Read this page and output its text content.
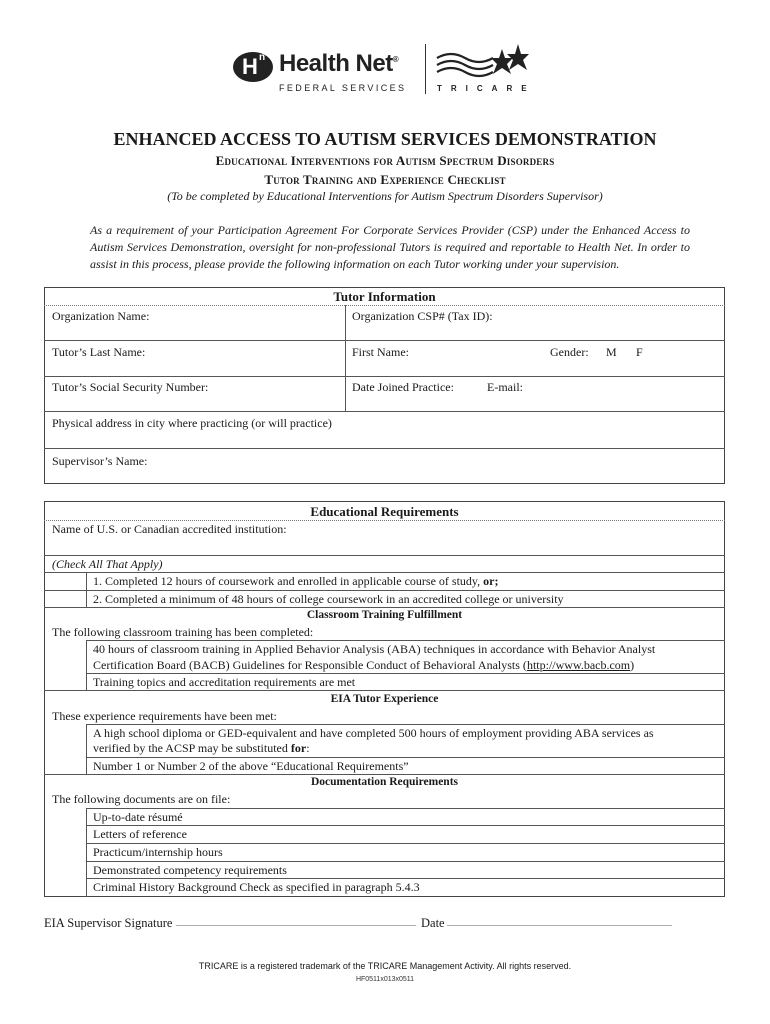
H n Health Net®
FEDERAL SERVICES	TRICARE
ENHANCED ACCESS TO AUTISM SERVICES DEMONSTRATION
Educational Interventions for Autism Spectrum Disorders
Tutor Training and Experience Checklist
(To be completed by Educational Interventions for Autism Spectrum Disorders Supervisor)
As a requirement of your Participation Agreement For Corporate Services Provider (CSP) under the Enhanced Access to Autism Services Demonstration, oversight for non-professional Tutors is required and reportable to Health Net. In order to assist in this process, please provide the following information on each Tutor working under your supervision.
Tutor Information
Organization Name:	Organization CSP# (Tax ID):
Tutor’s Last Name:	First Name:	Gender: M F
Tutor’s Social Security Number:	Date Joined Practice:	E-mail:
Physical address in city where practicing (or will practice)
Supervisor’s Name:
Educational Requirements
Name of U.S. or Canadian accredited institution:
(Check All That Apply)
1. Completed 12 hours of coursework and enrolled in applicable course of study, or;
2. Completed a minimum of 48 hours of college coursework in an accredited college or university
Classroom Training Fulfillment
The following classroom training has been completed:
40 hours of classroom training in Applied Behavior Analysis (ABA) techniques in accordance with Behavior Analyst
Certification Board (BACB) Guidelines for Responsible Conduct of Behavioral Analysts (http://www.bacb.com)
Training topics and accreditation requirements are met
EIA Tutor Experience
These experience requirements have been met:
A high school diploma or GED-equivalent and have completed 500 hours of employment providing ABA services as
verified by the ACSP may be substituted for:
Number 1 or Number 2 of the above “Educational Requirements”
Documentation Requirements
The following documents are on file:
Up-to-date résumé
Letters of reference
Practicum/internship hours
Demonstrated competency requirements
Criminal History Background Check as specified in paragraph 5.4.3
EIA Supervisor Signature ________________________________________________ Date _____________________________________________
TRICARE is a registered trademark of the TRICARE Management Activity. All rights reserved.
HF0511x013x0511
